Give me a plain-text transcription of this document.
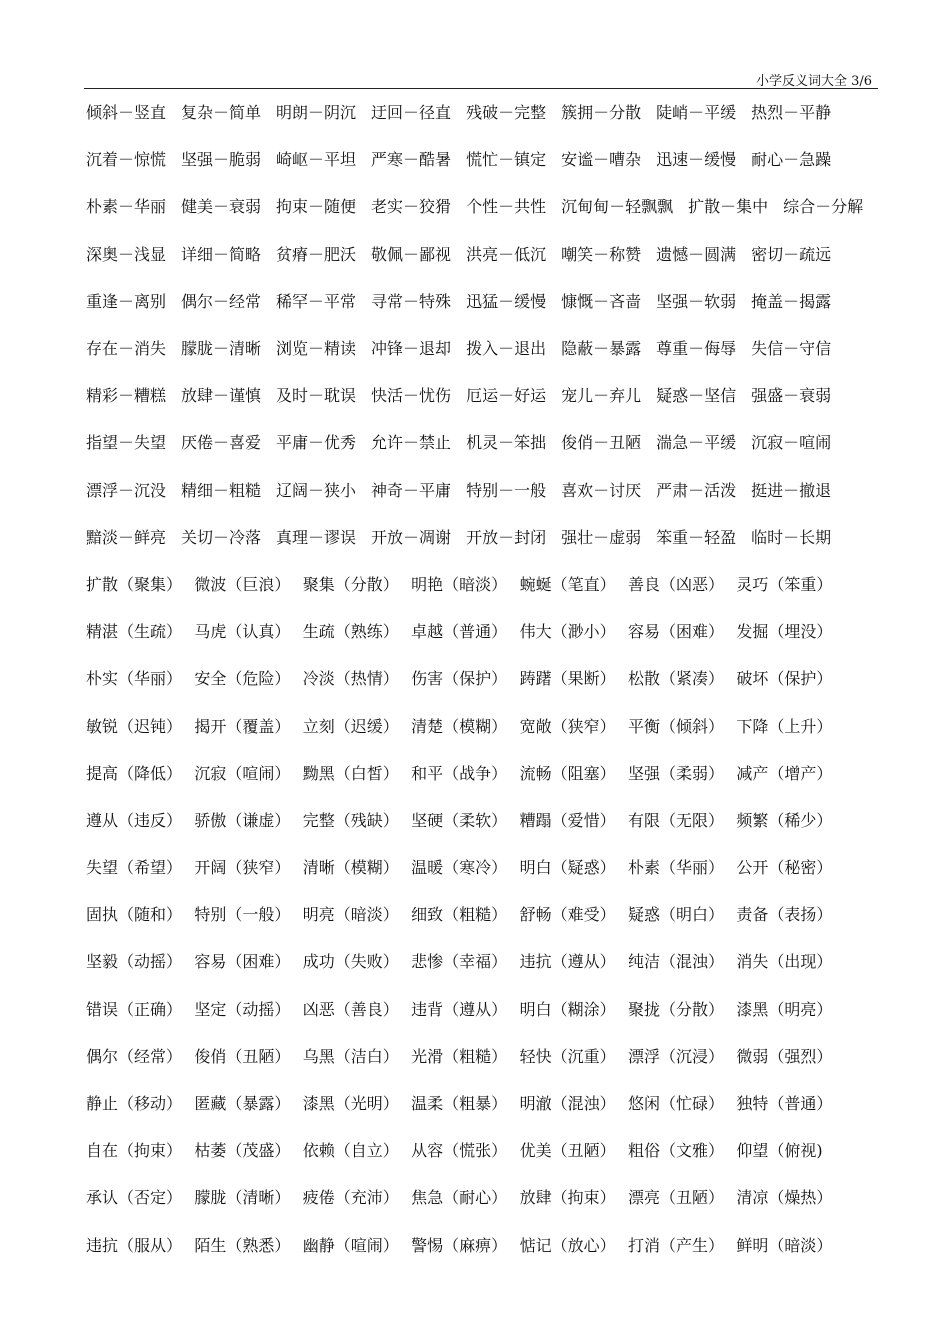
小学反义词大全 3/6
倾斜－竖直 复杂－简单 明朗－阴沉 迂回－径直 残破－完整 簇拥－分散 陡峭－平缓 热烈－平静
沉着－惊慌 坚强－脆弱 崎岖－平坦 严寒－酷暑 慌忙－镇定 安谧－嘈杂 迅速－缓慢 耐心－急躁
朴素－华丽 健美－衰弱 拘束－随便 老实－狡猾 个性－共性 沉甸甸－轻飘飘 扩散－集中 综合－分解
深奥－浅显 详细－简略 贫瘠－肥沃 敬佩－鄙视 洪亮－低沉 嘲笑－称赞 遗憾－圆满 密切－疏远
重逢－离别 偶尔－经常 稀罕－平常 寻常－特殊 迅猛－缓慢 慷慨－吝啬 坚强－软弱 掩盖－揭露
存在－消失 朦胧－清晰 浏览－精读 冲锋－退却 拨入－退出 隐蔽－暴露 尊重－侮辱 失信－守信
精彩－糟糕 放肆－谨慎 及时－耽误 快活－忧伤 厄运－好运 宠儿－弃儿 疑惑－坚信 强盛－衰弱
指望－失望 厌倦－喜爱 平庸－优秀 允许－禁止 机灵－笨拙 俊俏－丑陋 湍急－平缓 沉寂－喧闹
漂浮－沉没 精细－粗糙 辽阔－狭小 神奇－平庸 特别－一般 喜欢－讨厌 严肃－活泼 挺进－撤退
黯淡－鲜亮 关切－冷落 真理－谬误 开放－凋谢 开放－封闭 强壮－虚弱 笨重－轻盈 临时－长期
扩散（聚集） 微波（巨浪） 聚集（分散） 明艳（暗淡） 蜿蜒（笔直） 善良（凶恶） 灵巧（笨重）
精湛（生疏） 马虎（认真） 生疏（熟练） 卓越（普通） 伟大（渺小） 容易（困难） 发掘（埋没）
朴实（华丽） 安全（危险） 冷淡（热情） 伤害（保护） 踌躇（果断） 松散（紧凑） 破坏（保护）
敏锐（迟钝） 揭开（覆盖） 立刻（迟缓） 清楚（模糊） 宽敞（狭窄） 平衡（倾斜） 下降（上升）
提高（降低） 沉寂（喧闹） 黝黑（白皙） 和平（战争） 流畅（阻塞） 坚强（柔弱） 减产（增产）
遵从（违反） 骄傲（谦虚） 完整（残缺） 坚硬（柔软） 糟蹋（爱惜） 有限（无限） 频繁（稀少）
失望（希望） 开阔（狭窄） 清晰（模糊） 温暖（寒冷） 明白（疑惑） 朴素（华丽） 公开（秘密）
固执（随和） 特别（一般） 明亮（暗淡） 细致（粗糙） 舒畅（难受） 疑惑（明白） 责备（表扬）
坚毅（动摇） 容易（困难） 成功（失败） 悲惨（幸福） 违抗（遵从） 纯洁（混浊） 消失（出现）
错误（正确） 坚定（动摇） 凶恶（善良） 违背（遵从） 明白（糊涂） 聚拢（分散） 漆黑（明亮）
偶尔（经常） 俊俏（丑陋） 乌黑（洁白） 光滑（粗糙） 轻快（沉重） 漂浮（沉浸） 微弱（强烈）
静止（移动） 匿藏（暴露） 漆黑（光明） 温柔（粗暴） 明澈（混浊） 悠闲（忙碌） 独特（普通）
自在（拘束） 枯萎（茂盛） 依赖（自立） 从容（慌张） 优美（丑陋） 粗俗（文雅） 仰望（俯视)
承认（否定） 朦胧（清晰） 疲倦（充沛） 焦急（耐心） 放肆（拘束） 漂亮（丑陋） 清凉（燥热）
违抗（服从） 陌生（熟悉） 幽静（喧闹） 警惕（麻痹） 惦记（放心） 打消（产生） 鲜明（暗淡）
